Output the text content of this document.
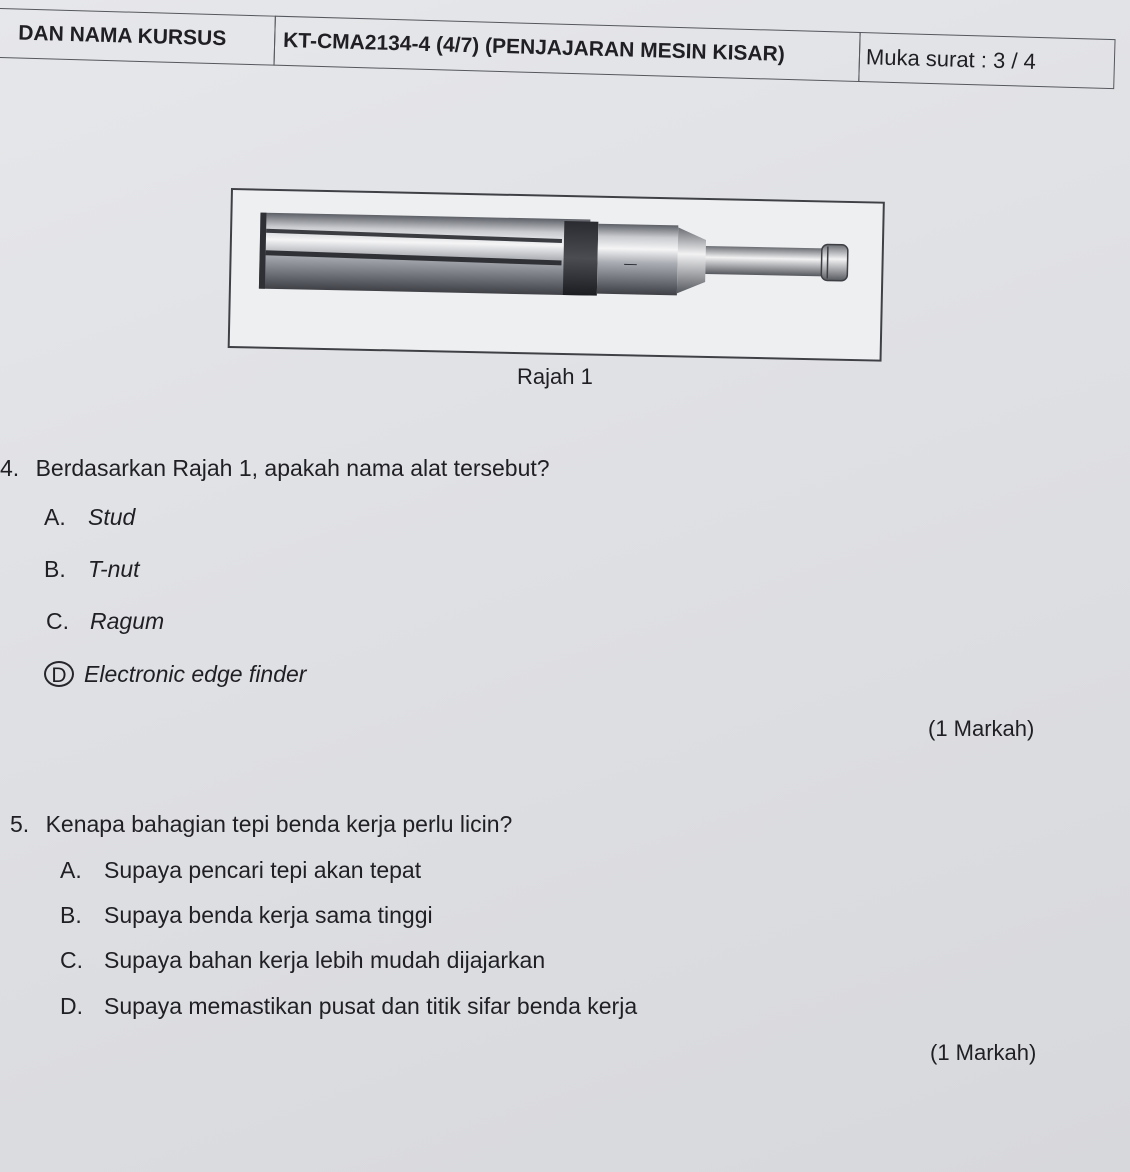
DAN NAMA KURSUS	KT-CMA2134-4 (4/7) (PENJAJARAN MESIN KISAR)	Muka surat : 3 / 4
—
Rajah 1
4. Berdasarkan Rajah 1, apakah nama alat tersebut?
A. Stud
B. T-nut
C. Ragum
D Electronic edge finder
(1 Markah)
5. Kenapa bahagian tepi benda kerja perlu licin?
A. Supaya pencari tepi akan tepat
B. Supaya benda kerja sama tinggi
C. Supaya bahan kerja lebih mudah dijajarkan
D. Supaya memastikan pusat dan titik sifar benda kerja
(1 Markah)
